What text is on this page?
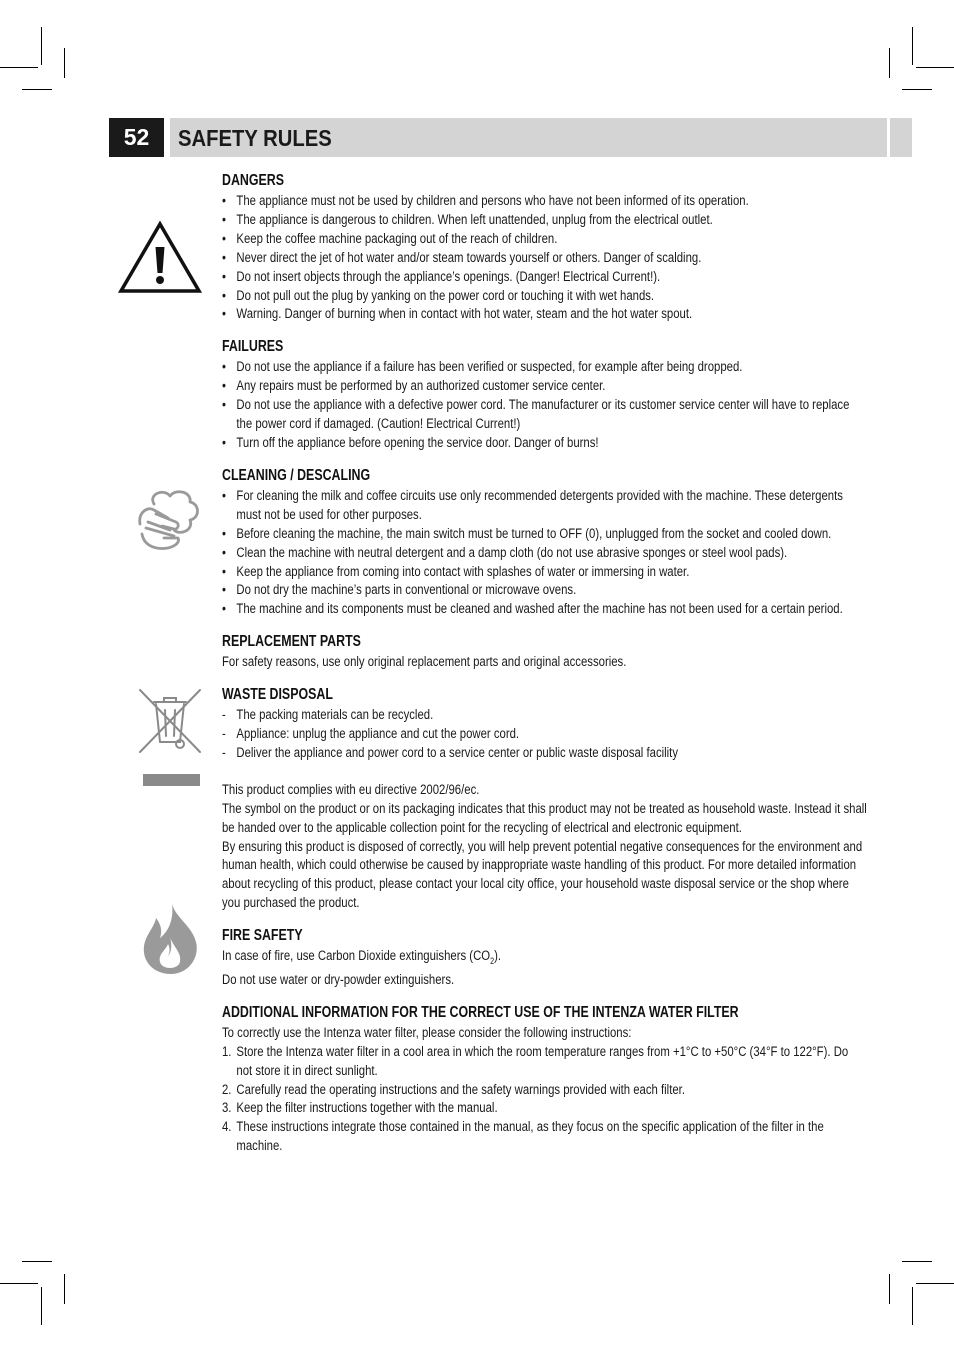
52	SAFETY RULES
DANGERS
• The appliance must not be used by children and persons who have not been informed of its operation.
• The appliance is dangerous to children. When left unattended, unplug from the electrical outlet.
• Keep the coffee machine packaging out of the reach of children.
• Never direct the jet of hot water and/or steam towards yourself or others. Danger of scalding.
• Do not insert objects through the appliance’s openings. (Danger! Electrical Current!).
• Do not pull out the plug by yanking on the power cord or touching it with wet hands.
• Warning. Danger of burning when in contact with hot water, steam and the hot water spout.
FAILURES
• Do not use the appliance if a failure has been verified or suspected, for example after being dropped.
• Any repairs must be performed by an authorized customer service center.
• Do not use the appliance with a defective power cord. The manufacturer or its customer service center will have to replace the power cord if damaged. (Caution! Electrical Current!)
• Turn off the appliance before opening the service door. Danger of burns!
CLEANING / DESCALING
• For cleaning the milk and coffee circuits use only recommended detergents provided with the machine. These detergents must not be used for other purposes.
• Before cleaning the machine, the main switch must be turned to OFF (0), unplugged from the socket and cooled down.
• Clean the machine with neutral detergent and a damp cloth (do not use abrasive sponges or steel wool pads).
• Keep the appliance from coming into contact with splashes of water or immersing in water.
• Do not dry the machine’s parts in conventional or microwave ovens.
• The machine and its components must be cleaned and washed after the machine has not been used for a certain period.
REPLACEMENT PARTS

For safety reasons, use only original replacement parts and original accessories.

WASTE DISPOSAL
- The packing materials can be recycled.
- Appliance: unplug the appliance and cut the power cord.
- Deliver the appliance and power cord to a service center or public waste disposal facility

This product complies with eu directive 2002/96/ec.

The symbol on the product or on its packaging indicates that this product may not be treated as household waste. Instead it shall be handed over to the applicable collection point for the recycling of electrical and electronic equipment.

By ensuring this product is disposed of correctly, you will help prevent potential negative consequences for the environment and human health, which could otherwise be caused by inappropriate waste handling of this product. For more detailed information about recycling of this product, please contact your local city office, your household waste disposal service or the shop where you purchased the product.

FIRE SAFETY

In case of fire, use Carbon Dioxide extinguishers $(CO_2)$.

Do not use water or dry-powder extinguishers.

ADDITIONAL INFORMATION FOR THE CORRECT USE OF THE INTENZA WATER FILTER

To correctly use the Intenza water filter, please consider the following instructions:

1. Store the Intenza water filter in a cool area in which the room temperature ranges from +1°C to +50°C (34°F to 122°F). Do not store it in direct sunlight.
2. Carefully read the operating instructions and the safety warnings provided with each filter.
3. Keep the filter instructions together with the manual.
4. These instructions integrate those contained in the manual, as they focus on the specific application of the filter in the machine.
